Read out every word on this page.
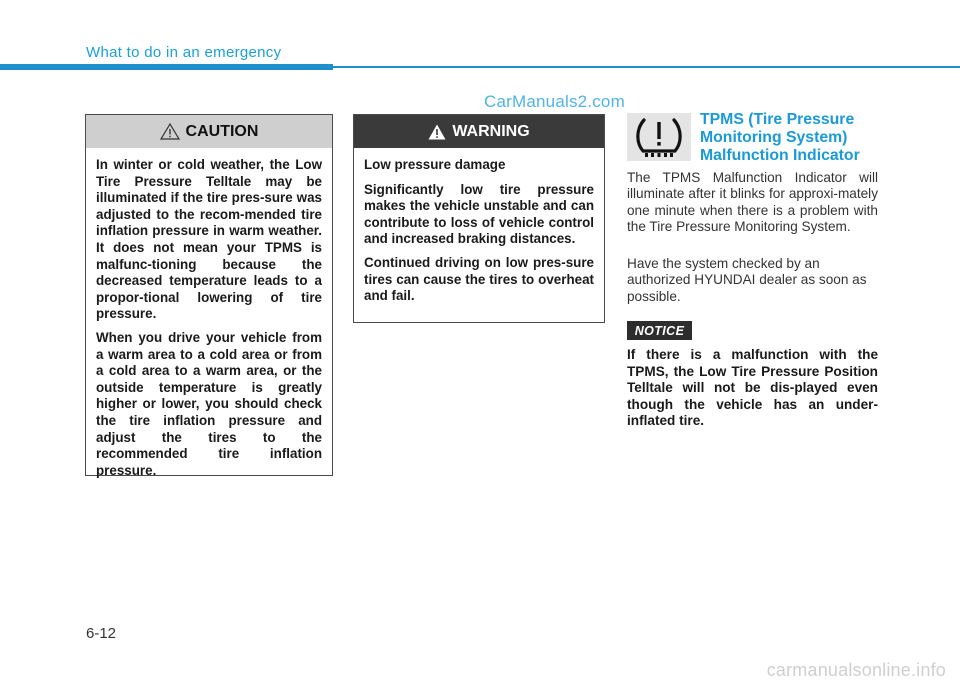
What to do in an emergency
CarManuals2.com
CAUTION

In winter or cold weather, the Low Tire Pressure Telltale may be illuminated if the tire pres-sure was adjusted to the recom-mended tire inflation pressure in warm weather. It does not mean your TPMS is malfunc-tioning because the decreased temperature leads to a propor-tional lowering of tire pressure.

When you drive your vehicle from a warm area to a cold area or from a cold area to a warm area, or the outside temperature is greatly higher or lower, you should check the tire inflation pressure and adjust the tires to the recommended tire inflation pressure.

WARNING

Low pressure damage

Significantly low tire pressure makes the vehicle unstable and can contribute to loss of vehicle control and increased braking distances.

Continued driving on low pres-sure tires can cause the tires to overheat and fail.

TPMS (Tire Pressure Monitoring System) Malfunction Indicator
The TPMS Malfunction Indicator will illuminate after it blinks for approxi-mately one minute when there is a problem with the Tire Pressure Monitoring System.
Have the system checked by an authorized HYUNDAI dealer as soon as possible.
NOTICE
If there is a malfunction with the TPMS, the Low Tire Pressure Position Telltale will not be dis-played even though the vehicle has an under-inflated tire.
6-12
carmanualsonline.info
